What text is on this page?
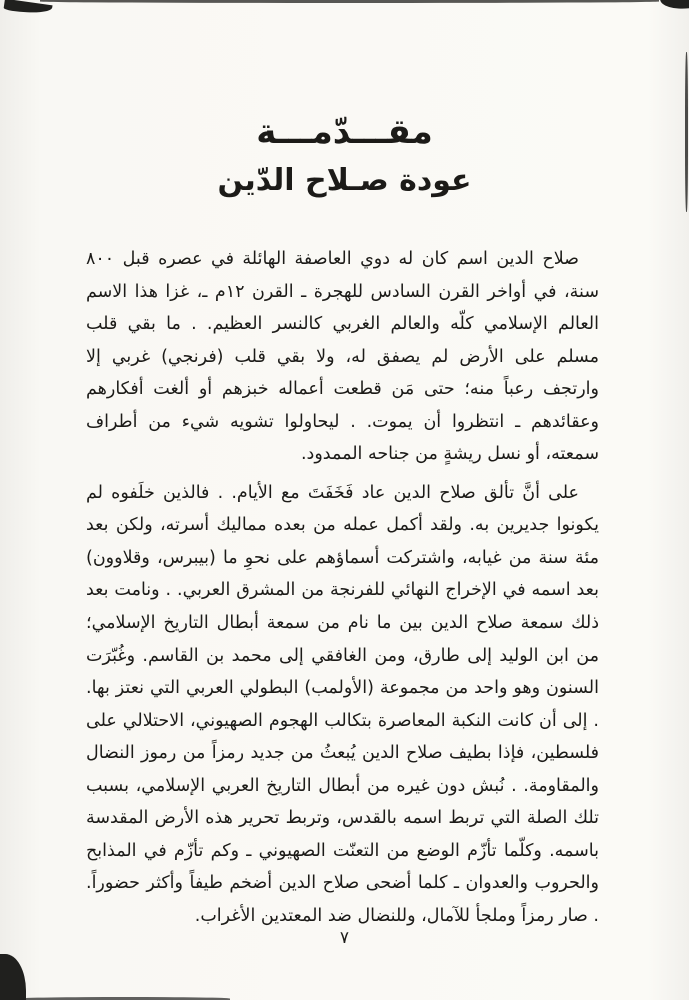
مقـــدّمـــة
عودة صـلاح الدّين

صلاح الدين اسم كان له دوي العاصفة الهائلة في عصره قبل ٨٠٠ سنة، في أواخر القرن السادس للهجرة ـ القرن ١٢م ـ، غزا هذا الاسم العالم الإسلامي كلّه والعالم الغربي كالنسر العظيم. . ما بقي قلب مسلم على الأرض لم يصفق له، ولا بقي قلب (فرنجي) غربي إلا وارتجف رعباً منه؛ حتى مَن قطعت أعماله خبزهم أو ألغت أفكارهم وعقائدهم ـ انتظروا أن يموت. . ليحاولوا تشويه شيء من أطراف سمعته، أو نسل ريشةٍ من جناحه الممدود.

على أنَّ تألق صلاح الدين عاد فَخَفَتَ مع الأيام. . فالذين خلَفوه لم يكونوا جديرين به. ولقد أكمل عمله من بعده مماليك أسرته، ولكن بعد مئة سنة من غيابه، واشتركت أسماؤهم على نحوِ ما (بيبرس، وقلاوون) بعد اسمه في الإخراج النهائي للفرنجة من المشرق العربي. . ونامت بعد ذلك سمعة صلاح الدين بين ما نام من سمعة أبطال التاريخ الإسلامي؛ من ابن الوليد إلى طارق، ومن الغافقي إلى محمد بن القاسم. وغُبّرَت السنون وهو واحد من مجموعة (الأولمب) البطولي العربي التي نعتز بها. . إلى أن كانت النكبة المعاصرة بتكالب الهجوم الصهيوني، الاحتلالي على فلسطين، فإذا بطيف صلاح الدين يُبعثُ من جديد رمزاً من رموز النضال والمقاومة. . نُبش دون غيره من أبطال التاريخ العربي الإسلامي، بسبب تلك الصلة التي تربط اسمه بالقدس، وتربط تحرير هذه الأرض المقدسة باسمه. وكلّما تأزّم الوضع من التعنّت الصهيوني ـ وكم تأزّم في المذابح والحروب والعدوان ـ كلما أضحى صلاح الدين أضخم طيفاً وأكثر حضوراً. . صار رمزاً وملجأ للآمال، وللنضال ضد المعتدين الأغراب.

٧
